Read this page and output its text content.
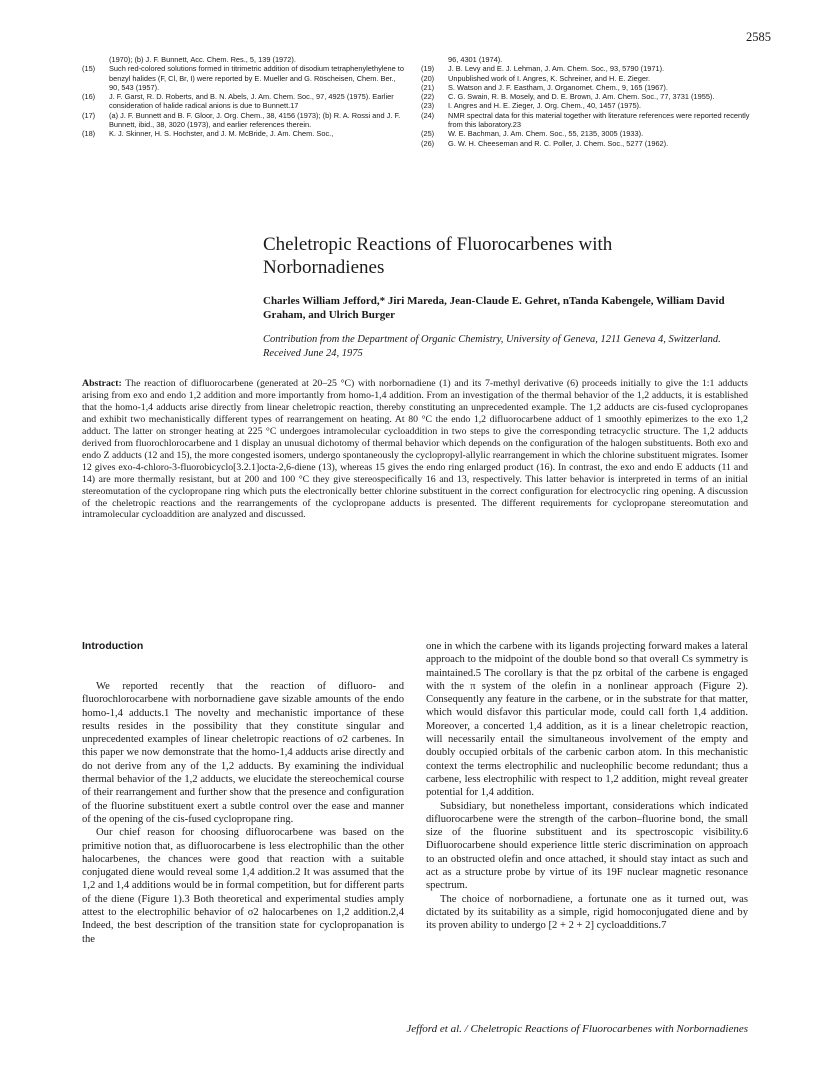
2585
(1970); (b) J. F. Bunnett, Acc. Chem. Res., 5, 139 (1972).
(15) Such red-colored solutions formed in titrimetric addition of disodium tetraphenylethylene to benzyl halides (F, Cl, Br, I) were reported by E. Mueller and G. Röscheisen, Chem. Ber., 90, 543 (1957).
(16) J. F. Garst, R. D. Roberts, and B. N. Abels, J. Am. Chem. Soc., 97, 4925 (1975). Earlier consideration of halide radical anions is due to Bunnett.17
(17) (a) J. F. Bunnett and B. F. Gloor, J. Org. Chem., 38, 4156 (1973); (b) R. A. Rossi and J. F. Bunnett, ibid., 38, 3020 (1973), and earlier references therein.
(18) K. J. Skinner, H. S. Hochster, and J. M. McBride, J. Am. Chem. Soc.,
96, 4301 (1974).
(19) J. B. Levy and E. J. Lehman, J. Am. Chem. Soc., 93, 5790 (1971).
(20) Unpublished work of I. Angres, K. Schreiner, and H. E. Zieger.
(21) S. Watson and J. F. Eastham, J. Organomet. Chem., 9, 165 (1967).
(22) C. G. Swain, R. B. Mosely, and D. E. Brown, J. Am. Chem. Soc., 77, 3731 (1955).
(23) I. Angres and H. E. Zieger, J. Org. Chem., 40, 1457 (1975).
(24) NMR spectral data for this material together with literature references were reported recently from this laboratory.23
(25) W. E. Bachman, J. Am. Chem. Soc., 55, 2135, 3005 (1933).
(26) G. W. H. Cheeseman and R. C. Poller, J. Chem. Soc., 5277 (1962).
Cheletropic Reactions of Fluorocarbenes with Norbornadienes
Charles William Jefford,* Jiri Mareda, Jean-Claude E. Gehret, nTanda Kabengele, William David Graham, and Ulrich Burger
Contribution from the Department of Organic Chemistry, University of Geneva, 1211 Geneva 4, Switzerland. Received June 24, 1975
Abstract: The reaction of difluorocarbene (generated at 20–25 °C) with norbornadiene (1) and its 7-methyl derivative (6) proceeds initially to give the 1:1 adducts arising from exo and endo 1,2 addition and more importantly from homo-1,4 addition. From an investigation of the thermal behavior of the 1,2 adducts, it is established that the homo-1,4 adducts arise directly from linear cheletropic reaction, thereby constituting an unprecedented example. The 1,2 adducts are cis-fused cyclopropanes and exhibit two mechanistically different types of rearrangement on heating. At 80 °C the endo 1,2 difluorocarbene adduct of 1 smoothly epimerizes to the exo 1,2 adduct. The latter on stronger heating at 225 °C undergoes intramolecular cycloaddition in two steps to give the corresponding tetracyclic structure. The 1,2 adducts derived from fluorochlorocarbene and 1 display an unusual dichotomy of thermal behavior which depends on the configuration of the halogen substituents. Both exo and endo Z adducts (12 and 15), the more congested isomers, undergo spontaneously the cyclopropyl-allylic rearrangement in which the chlorine substituent migrates. Isomer 12 gives exo-4-chloro-3-fluorobicyclo[3.2.1]octa-2,6-diene (13), whereas 15 gives the endo ring enlarged product (16). In contrast, the exo and endo E adducts (11 and 14) are more thermally resistant, but at 200 and 100 °C they give stereospecifically 16 and 13, respectively. This latter behavior is interpreted in terms of an initial stereomutation of the cyclopropane ring which puts the electronically better chlorine substituent in the correct configuration for electrocyclic ring opening. A discussion of the cheletropic reactions and the rearrangements of the cyclopropane adducts is presented. The different requirements for cyclopropane stereomutation and intramolecular cycloaddition are analyzed and discussed.
Introduction

We reported recently that the reaction of difluoro- and fluorochlorocarbene with norbornadiene gave sizable amounts of the endo homo-1,4 adducts.1 The novelty and mechanistic importance of these results resides in the possibility that they constitute singular and unprecedented examples of linear cheletropic reactions of σ2 carbenes. In this paper we now demonstrate that the homo-1,4 adducts arise directly and do not derive from any of the 1,2 adducts. By examining the individual thermal behavior of the 1,2 adducts, we elucidate the stereochemical course of their rearrangement and further show that the presence and configuration of the fluorine substituent exert a subtle control over the ease and manner of the opening of the cis-fused cyclopropane ring.

Our chief reason for choosing difluorocarbene was based on the primitive notion that, as difluorocarbene is less electrophilic than the other halocarbenes, the chances were good that reaction with a suitable conjugated diene would reveal some 1,4 addition.2 It was assumed that the 1,2 and 1,4 additions would be in formal competition, but for different parts of the diene (Figure 1).3 Both theoretical and experimental studies amply attest to the electrophilic behavior of σ2 halocarbenes on 1,2 addition.2,4 Indeed, the best description of the transition state for cyclopropanation is the

one in which the carbene with its ligands projecting forward makes a lateral approach to the midpoint of the double bond so that overall Cs symmetry is maintained.5 The corollary is that the pz orbital of the carbene is engaged with the π system of the olefin in a nonlinear approach (Figure 2). Consequently any feature in the carbene, or in the substrate for that matter, which would disfavor this particular mode, could call forth 1,4 addition. Moreover, a concerted 1,4 addition, as it is a linear cheletropic reaction, will necessarily entail the simultaneous involvement of the empty and doubly occupied orbitals of the carbenic carbon atom. In this mechanistic context the terms electrophilic and nucleophilic become redundant; thus a carbene, less electrophilic with respect to 1,2 addition, might reveal greater potential for 1,4 addition.

Subsidiary, but nonetheless important, considerations which indicated difluorocarbene were the strength of the carbon–fluorine bond, the small size of the fluorine substituent and its spectroscopic visibility.6 Difluorocarbene should experience little steric discrimination on approach to an obstructed olefin and once attached, it should stay intact as such and act as a structure probe by virtue of its 19F nuclear magnetic resonance spectrum.

The choice of norbornadiene, a fortunate one as it turned out, was dictated by its suitability as a simple, rigid homoconjugated diene and by its proven ability to undergo [2 + 2 + 2] cycloadditions.7

Jefford et al. / Cheletropic Reactions of Fluorocarbenes with Norbornadienes
